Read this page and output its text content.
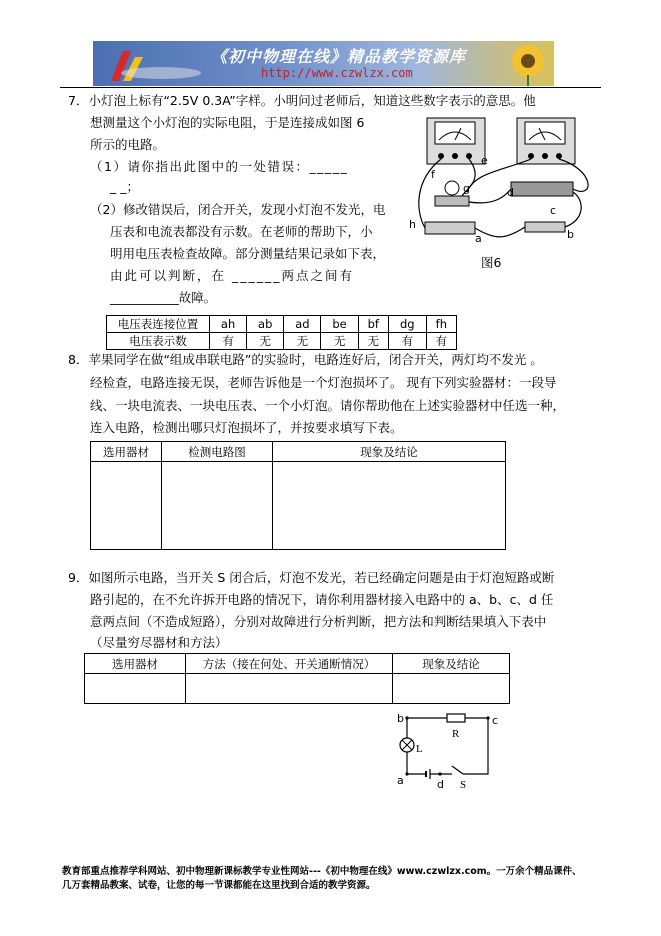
《初中物理在线》精品教学资源库
http://www.czwlzx.com
7．小灯泡上标有“2.5V 0.3A”字样。小明问过老师后，知道这些数字表示的意思。他
想测量这个小灯泡的实际电阻，于是连接成如图 6
所示的电路。
（1）请你指出此图中的一处错误：_____
_ _；
（2）修改错误后，闭合开关，发现小灯泡不发光，电
压表和电流表都没有示数。在老师的帮助下，小
明用电压表检查故障。部分测量结果记录如下表，
由此可以判断，在 ______两点之间有
___________故障。
e
f
g	d
c
h
a	b
图6
电压表连接位置	ah	ab	ad	be	bf	dg	fh
电压表示数	有	无	无	无	无	有	有
8．苹果同学在做“组成串联电路”的实验时，电路连好后，闭合开关，两灯均不发光 。
经检查，电路连接无误，老师告诉他是一个灯泡损坏了。 现有下列实验器材：一段导
线、一块电流表、一块电压表、一个小灯泡。请你帮助他在上述实验器材中任选一种，
连入电路，检测出哪只灯泡损坏了，并按要求填写下表。
选用器材	检测电路图	现象及结论

9．如图所示电路，当开关 S 闭合后，灯泡不发光，若已经确定问题是由于灯泡短路或断
路引起的，在不允许拆开电路的情况下，请你利用器材接入电路中的 a、b、c、d 任
意两点间（不造成短路），分别对故障进行分析判断，把方法和判断结果填入下表中
（尽量穷尽器材和方法）
选用器材	方法（接在何处、开关通断情况）	现象及结论

b	c
R
L
a	d S
教育部重点推荐学科网站、初中物理新课标教学专业性网站---《初中物理在线》www.czwlzx.com。一万余个精品课件、
几万套精品教案、试卷，让您的每一节课都能在这里找到合适的教学资源。
